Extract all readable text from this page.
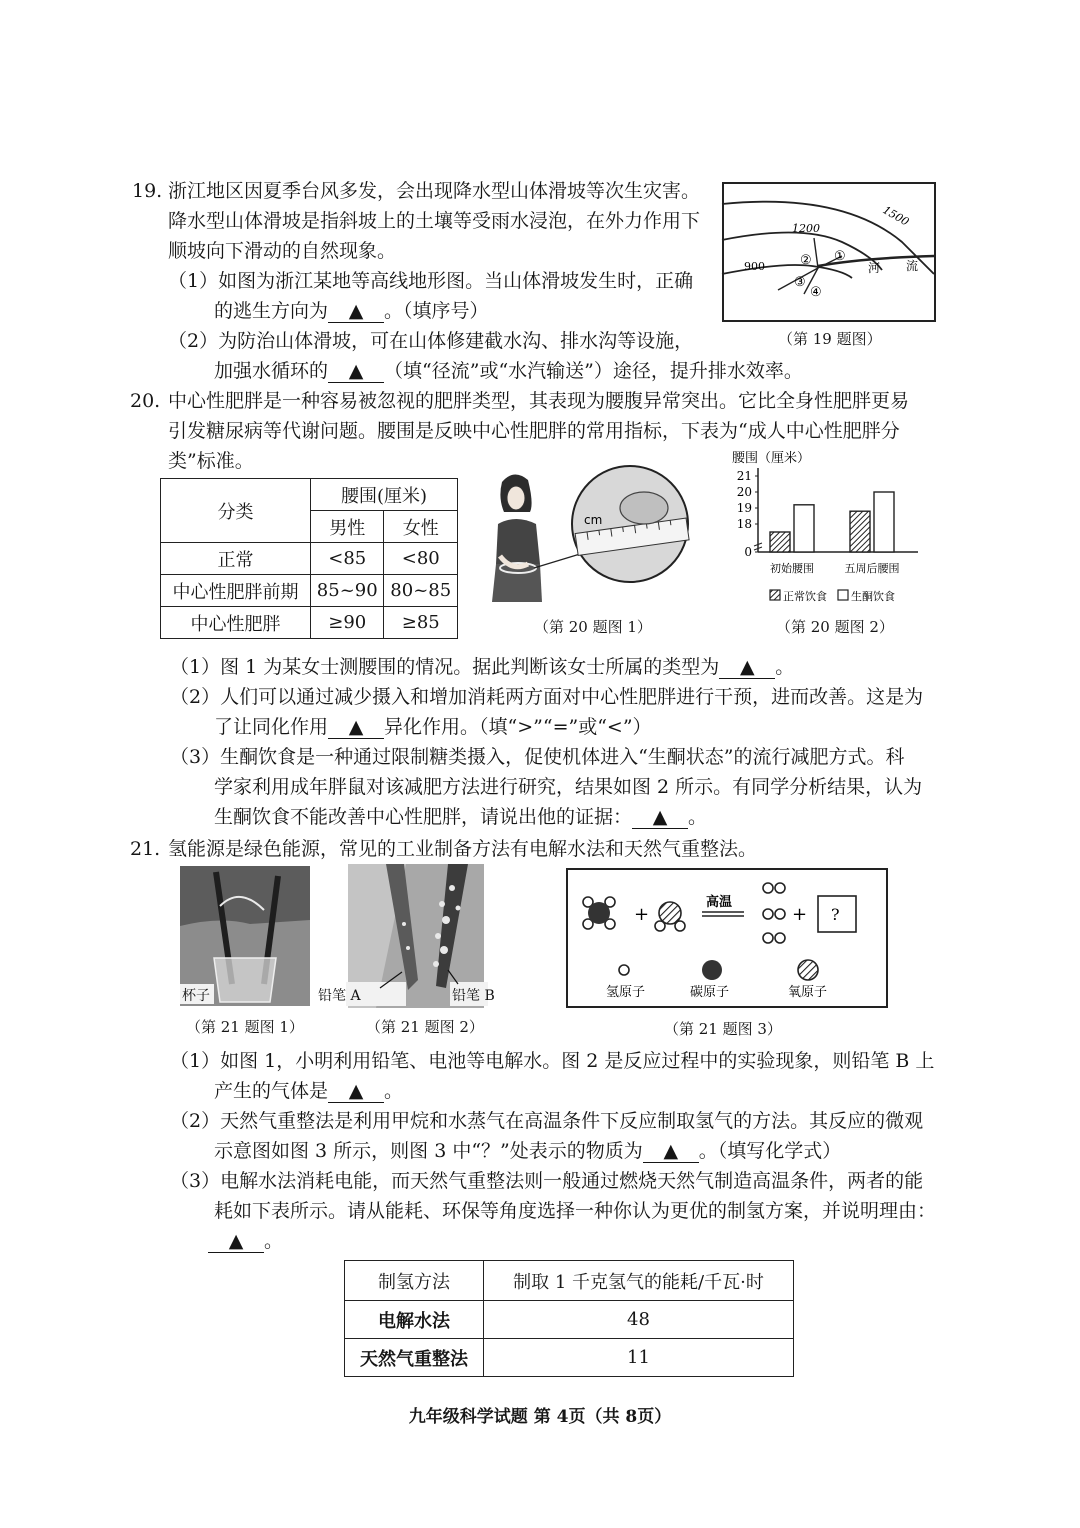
19. 浙江地区因夏季台风多发，会出现降水型山体滑坡等次生灾害。
降水型山体滑坡是指斜坡上的土壤等受雨水浸泡，在外力作用下
顺坡向下滑动的自然现象。
（1）如图为浙江某地等高线地形图。当山体滑坡发生时，正确
的逃生方向为 ▲ 。（填序号）
（2）为防治山体滑坡，可在山体修建截水沟、排水沟等设施，
加强水循环的 ▲ （填“径流”或“水汽输送”）途径，提升排水效率。
1500
1200
900
①
②
③
④
河 流
（第 19 题图）
20. 中心性肥胖是一种容易被忽视的肥胖类型，其表现为腰腹异常突出。它比全身性肥胖更易
引发糖尿病等代谢问题。腰围是反映中心性肥胖的常用指标，下表为“成人中心性肥胖分
类”标准。
分类	腰围(厘米)	
	男性	女性
正常	<85	<80
中心性肥胖前期	85~90	80~85
中心性肥胖	≥90	≥85
cm
（第 20 题图 1）
腰围（厘米）
0
18
19
20
21
初始腰围	五周后腰围
正常饮食 生酮饮食
（第 20 题图 2）
（1）图 1 为某女士测腰围的情况。据此判断该女士所属的类型为 ▲ 。
（2）人们可以通过减少摄入和增加消耗两方面对中心性肥胖进行干预，进而改善。这是为
了让同化作用 ▲ 异化作用。（填“>”“=”或“<”）
（3）生酮饮食是一种通过限制糖类摄入，促使机体进入“生酮状态”的流行减肥方式。科
学家利用成年胖鼠对该减肥方法进行研究，结果如图 2 所示。有同学分析结果，认为
生酮饮食不能改善中心性肥胖，请说出他的证据： ▲ 。
21. 氢能源是绿色能源，常见的工业制备方法有电解水法和天然气重整法。
杯子
（第 21 题图 1）
铅笔 A	铅笔 B
（第 21 题图 2）
+
高温
+ ?
氢原子	碳原子	氧原子
（第 21 题图 3）
（1）如图 1，小明利用铅笔、电池等电解水。图 2 是反应过程中的实验现象，则铅笔 B 上
产生的气体是 ▲ 。
（2）天然气重整法是利用甲烷和水蒸气在高温条件下反应制取氢气的方法。其反应的微观
示意图如图 3 所示，则图 3 中“？”处表示的物质为 ▲ 。（填写化学式）
（3）电解水法消耗电能，而天然气重整法则一般通过燃烧天然气制造高温条件，两者的能
耗如下表所示。请从能耗、环保等角度选择一种你认为更优的制氢方案，并说明理由：
▲ 。
制氢方法	制取 1 千克氢气的能耗/千瓦·时
电解水法	48
天然气重整法	11
九年级科学试题 第 4页（共 8页）
